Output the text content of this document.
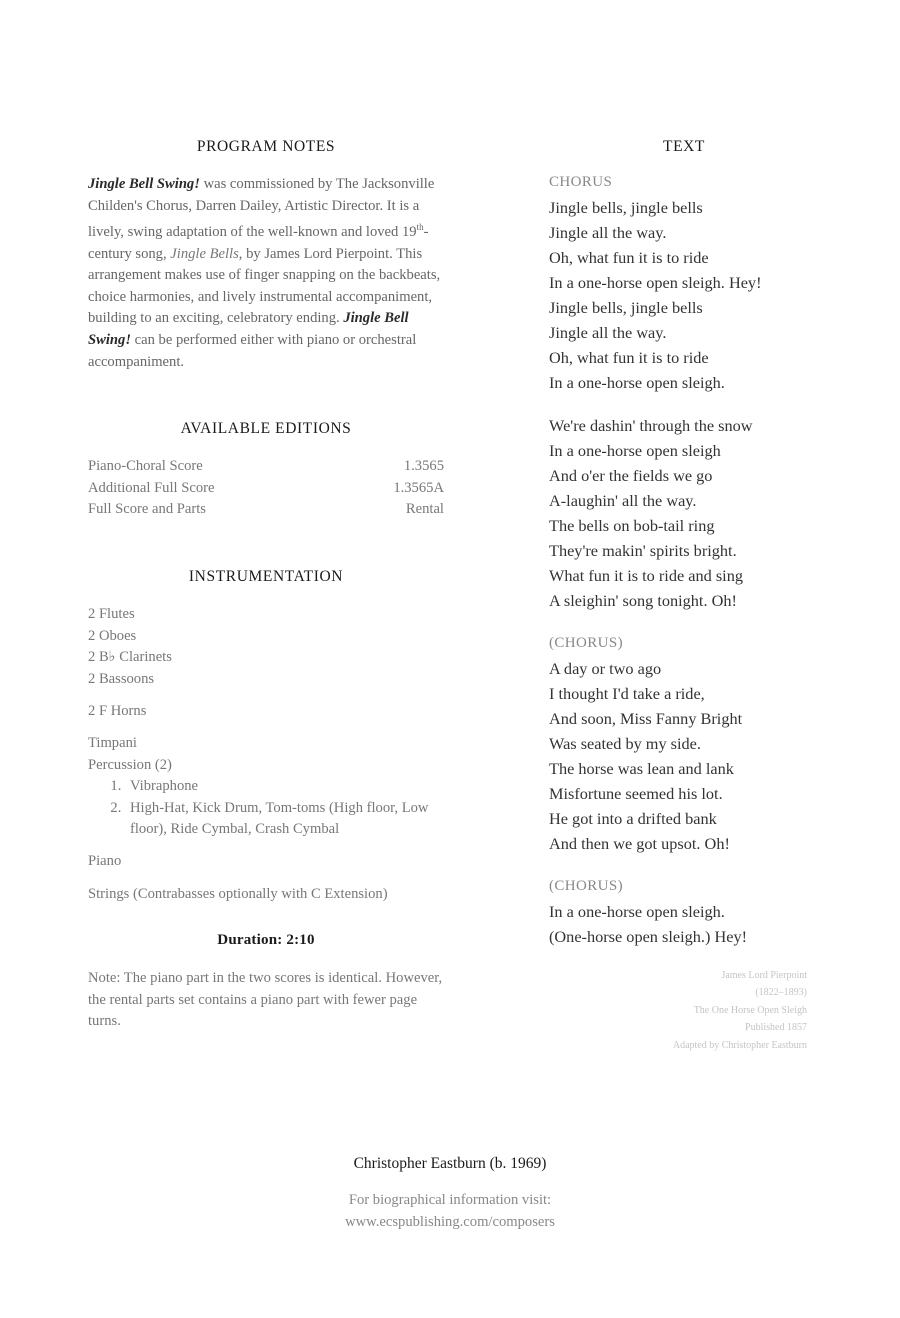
PROGRAM NOTES

Jingle Bell Swing! was commissioned by The Jacksonville Childen's Chorus, Darren Dailey, Artistic Director. It is a lively, swing adaptation of the well-known and loved 19th-century song, Jingle Bells, by James Lord Pierpoint. This arrangement makes use of finger snapping on the backbeats, choice harmonies, and lively instrumental accompaniment, building to an exciting, celebratory ending. Jingle Bell Swing! can be performed either with piano or orchestral accompaniment.

AVAILABLE EDITIONS
Piano-Choral Score	1.3565
Additional Full Score	1.3565A
Full Score and Parts	Rental
INSTRUMENTATION
2 Flutes
2 Oboes
2 B♭ Clarinets
2 Bassoons
2 F Horns
Timpani
Percussion (2)
1. Vibraphone
2. High-Hat, Kick Drum, Tom-toms (High floor, Low floor), Ride Cymbal, Crash Cymbal
Piano
Strings (Contrabasses optionally with C Extension)
Duration: 2:10

Note: The piano part in the two scores is identical. However, the rental parts set contains a piano part with fewer page turns.

TEXT
CHORUS
Jingle bells, jingle bells
Jingle all the way.
Oh, what fun it is to ride
In a one-horse open sleigh. Hey!
Jingle bells, jingle bells
Jingle all the way.
Oh, what fun it is to ride
In a one-horse open sleigh.
We're dashin' through the snow
In a one-horse open sleigh
And o'er the fields we go
A-laughin' all the way.
The bells on bob-tail ring
They're makin' spirits bright.
What fun it is to ride and sing
A sleighin' song tonight. Oh!
(CHORUS)
A day or two ago
I thought I'd take a ride,
And soon, Miss Fanny Bright
Was seated by my side.
The horse was lean and lank
Misfortune seemed his lot.
He got into a drifted bank
And then we got upsot. Oh!
(CHORUS)
In a one-horse open sleigh.
(One-horse open sleigh.) Hey!
James Lord Pierpoint
(1822–1893)
The One Horse Open Sleigh
Published 1857
Adapted by Christopher Eastburn
Christopher Eastburn (b. 1969)
For biographical information visit:
www.ecspublishing.com/composers
